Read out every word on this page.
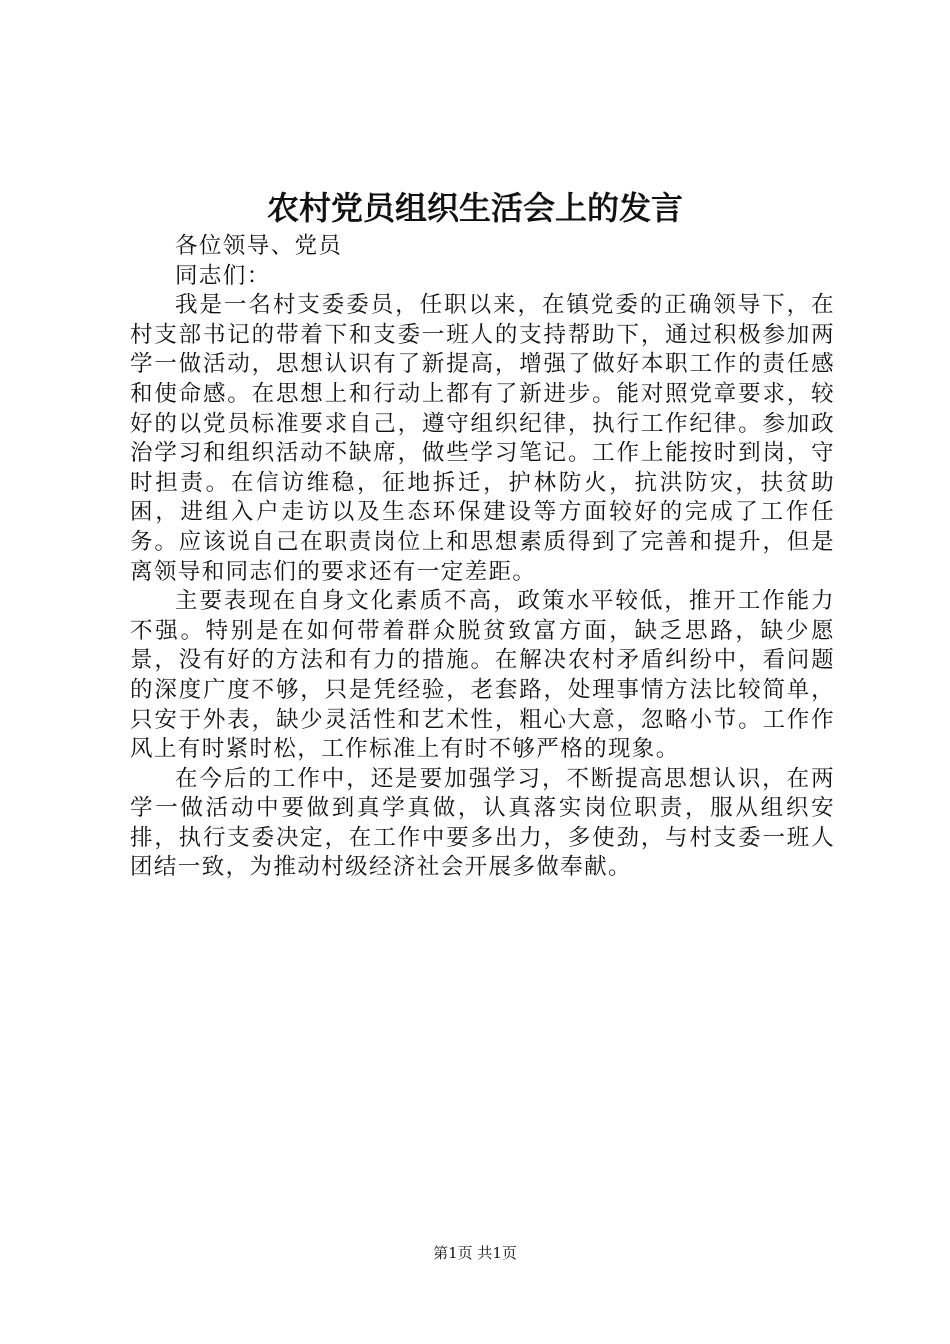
农村党员组织生活会上的发言

各位领导、党员

同志们：

我是一名村支委委员，任职以来，在镇党委的正确领导下，在村支部书记的带着下和支委一班人的支持帮助下，通过积极参加两学一做活动，思想认识有了新提高，增强了做好本职工作的责任感和使命感。在思想上和行动上都有了新进步。能对照党章要求，较好的以党员标准要求自己，遵守组织纪律，执行工作纪律。参加政治学习和组织活动不缺席，做些学习笔记。工作上能按时到岗，守时担责。在信访维稳，征地拆迁，护林防火，抗洪防灾，扶贫助困，进组入户走访以及生态环保建设等方面较好的完成了工作任务。应该说自己在职责岗位上和思想素质得到了完善和提升，但是离领导和同志们的要求还有一定差距。

主要表现在自身文化素质不高，政策水平较低，推开工作能力不强。特别是在如何带着群众脱贫致富方面，缺乏思路，缺少愿景，没有好的方法和有力的措施。在解决农村矛盾纠纷中，看问题的深度广度不够，只是凭经验，老套路，处理事情方法比较简单，只安于外表，缺少灵活性和艺术性，粗心大意，忽略小节。工作作风上有时紧时松，工作标准上有时不够严格的现象。

在今后的工作中，还是要加强学习，不断提高思想认识，在两学一做活动中要做到真学真做，认真落实岗位职责，服从组织安排，执行支委决定，在工作中要多出力，多使劲，与村支委一班人团结一致，为推动村级经济社会开展多做奉献。

第1页 共1页
